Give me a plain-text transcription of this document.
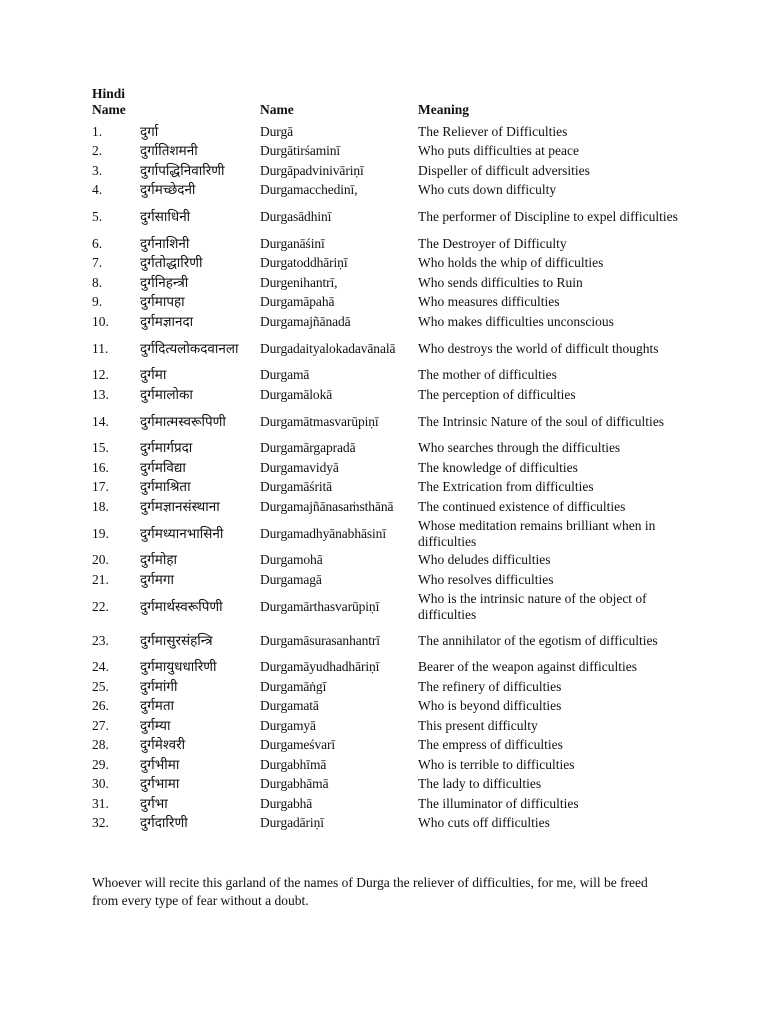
Hindi Name		Name	Meaning
1.	दुर्गा	Durgā	The Reliever of Difficulties
2.	दुर्गातिशमनी	Durgātirśaminī	Who puts difficulties at peace
3.	दुर्गापद्धिनिवारिणी	Durgāpadvinivāriṇī	Dispeller of difficult adversities
4.	दुर्गमच्छेदनी	Durgamacchedinī,	Who cuts down difficulty
5.	दुर्गसाधिनी	Durgasādhinī	The performer of Discipline to expel difficulties
6.	दुर्गनाशिनी	Durganāśinī	The Destroyer of Difficulty
7.	दुर्गतोद्धारिणी	Durgatoddhāriṇī	Who holds the whip of difficulties
8.	दुर्गनिहन्त्री	Durgenihantrī,	Who sends difficulties to Ruin
9.	दुर्गमापहा	Durgamāpahā	Who measures difficulties
10.	दुर्गमज्ञानदा	Durgamajñānadā	Who makes difficulties unconscious
11.	दुर्गदित्यलोकदवानला	Durgadaityalokadavānalā	Who destroys the world of difficult thoughts
12.	दुर्गमा	Durgamā	The mother of difficulties
13.	दुर्गमालोका	Durgamālokā	The perception of difficulties
14.	दुर्गमात्मस्वरूपिणी	Durgamātmasvarūpiṇī	The Intrinsic Nature of the soul of difficulties
15.	दुर्गमार्गप्रदा	Durgamārgapradā	Who searches through the difficulties
16.	दुर्गमविद्या	Durgamavidyā	The knowledge of difficulties
17.	दुर्गमाश्रिता	Durgamāśritā	The Extrication from difficulties
18.	दुर्गमज्ञानसंस्थाना	Durgamajñānasaṁsthānā	The continued existence of difficulties
19.	दुर्गमध्यानभासिनी	Durgamadhyānabhāsinī	Whose meditation remains brilliant when in difficulties
20.	दुर्गमोहा	Durgamohā	Who deludes difficulties
21.	दुर्गमगा	Durgamagā	Who resolves difficulties
22.	दुर्गमार्थस्वरूपिणी	Durgamārthasvarūpiṇī	Who is the intrinsic nature of the object of difficulties
23.	दुर्गमासुरसंहन्त्रि	Durgamāsurasanhantrī	The annihilator of the egotism of difficulties
24.	दुर्गमायुधधारिणी	Durgamāyudhadhāriṇī	Bearer of the weapon against difficulties
25.	दुर्गमांगी	Durgamāṅgī	The refinery of difficulties
26.	दुर्गमता	Durgamatā	Who is beyond difficulties
27.	दुर्गम्या	Durgamyā	This present difficulty
28.	दुर्गमेश्वरी	Durgameśvarī	The empress of difficulties
29.	दुर्गभीमा	Durgabhīmā	Who is terrible to difficulties
30.	दुर्गभामा	Durgabhāmā	The lady to difficulties
31.	दुर्गभा	Durgabhā	The illuminator of difficulties
32.	दुर्गदारिणी	Durgadāriṇī	Who cuts off difficulties

Whoever will recite this garland of the names of Durga the reliever of difficulties, for me, will be freed from every type of fear without a doubt.
